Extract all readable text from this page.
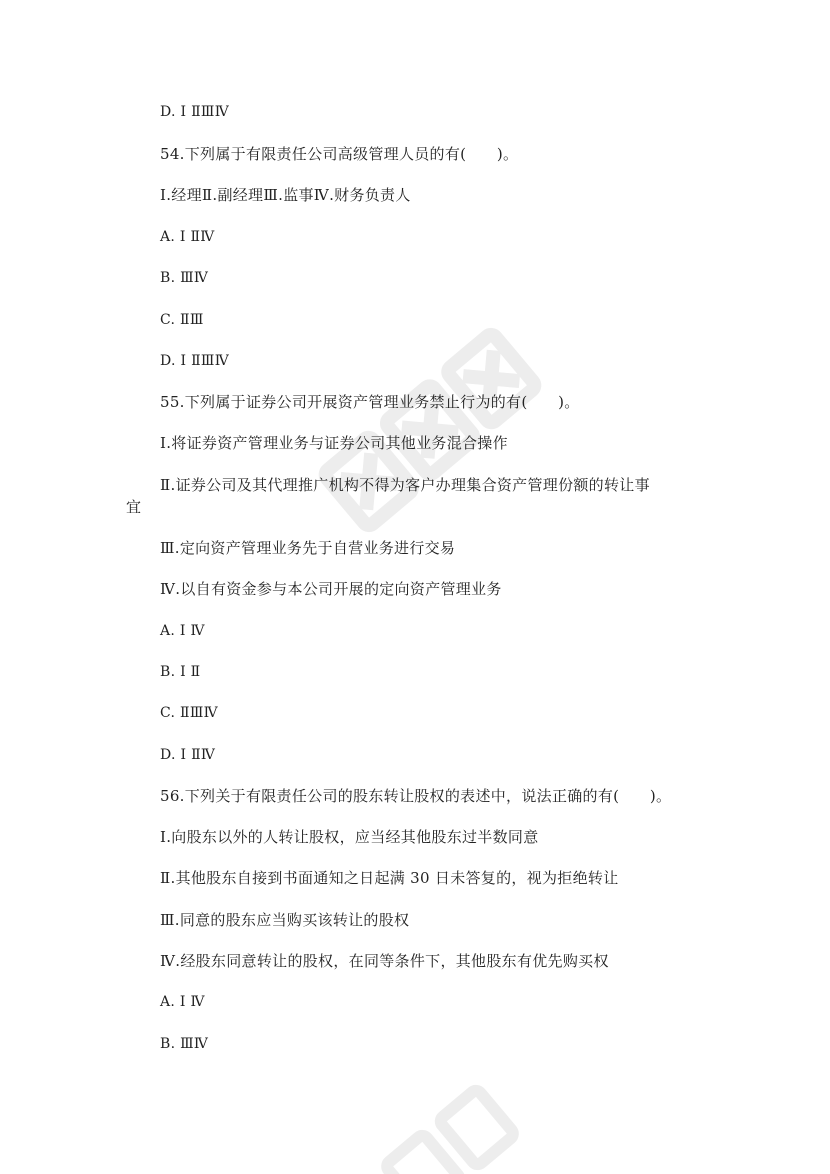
D. Ⅰ ⅡⅢⅣ
54.下列属于有限责任公司高级管理人员的有(　　)。
Ⅰ.经理Ⅱ.副经理Ⅲ.监事Ⅳ.财务负责人
A. Ⅰ ⅡⅣ
B. ⅢⅣ
C. ⅡⅢ
D. Ⅰ ⅡⅢⅣ
55.下列属于证券公司开展资产管理业务禁止行为的有(　　)。
Ⅰ.将证券资产管理业务与证券公司其他业务混合操作
Ⅱ.证券公司及其代理推广机构不得为客户办理集合资产管理份额的转让事
宜
Ⅲ.定向资产管理业务先于自营业务进行交易
Ⅳ.以自有资金参与本公司开展的定向资产管理业务
A. Ⅰ Ⅳ
B. Ⅰ Ⅱ
C. ⅡⅢⅣ
D. Ⅰ ⅡⅣ
56.下列关于有限责任公司的股东转让股权的表述中，说法正确的有(　　)。
Ⅰ.向股东以外的人转让股权，应当经其他股东过半数同意
Ⅱ.其他股东自接到书面通知之日起满 30 日未答复的，视为拒绝转让
Ⅲ.同意的股东应当购买该转让的股权
Ⅳ.经股东同意转让的股权，在同等条件下，其他股东有优先购买权
A. Ⅰ Ⅳ
B. ⅢⅣ
